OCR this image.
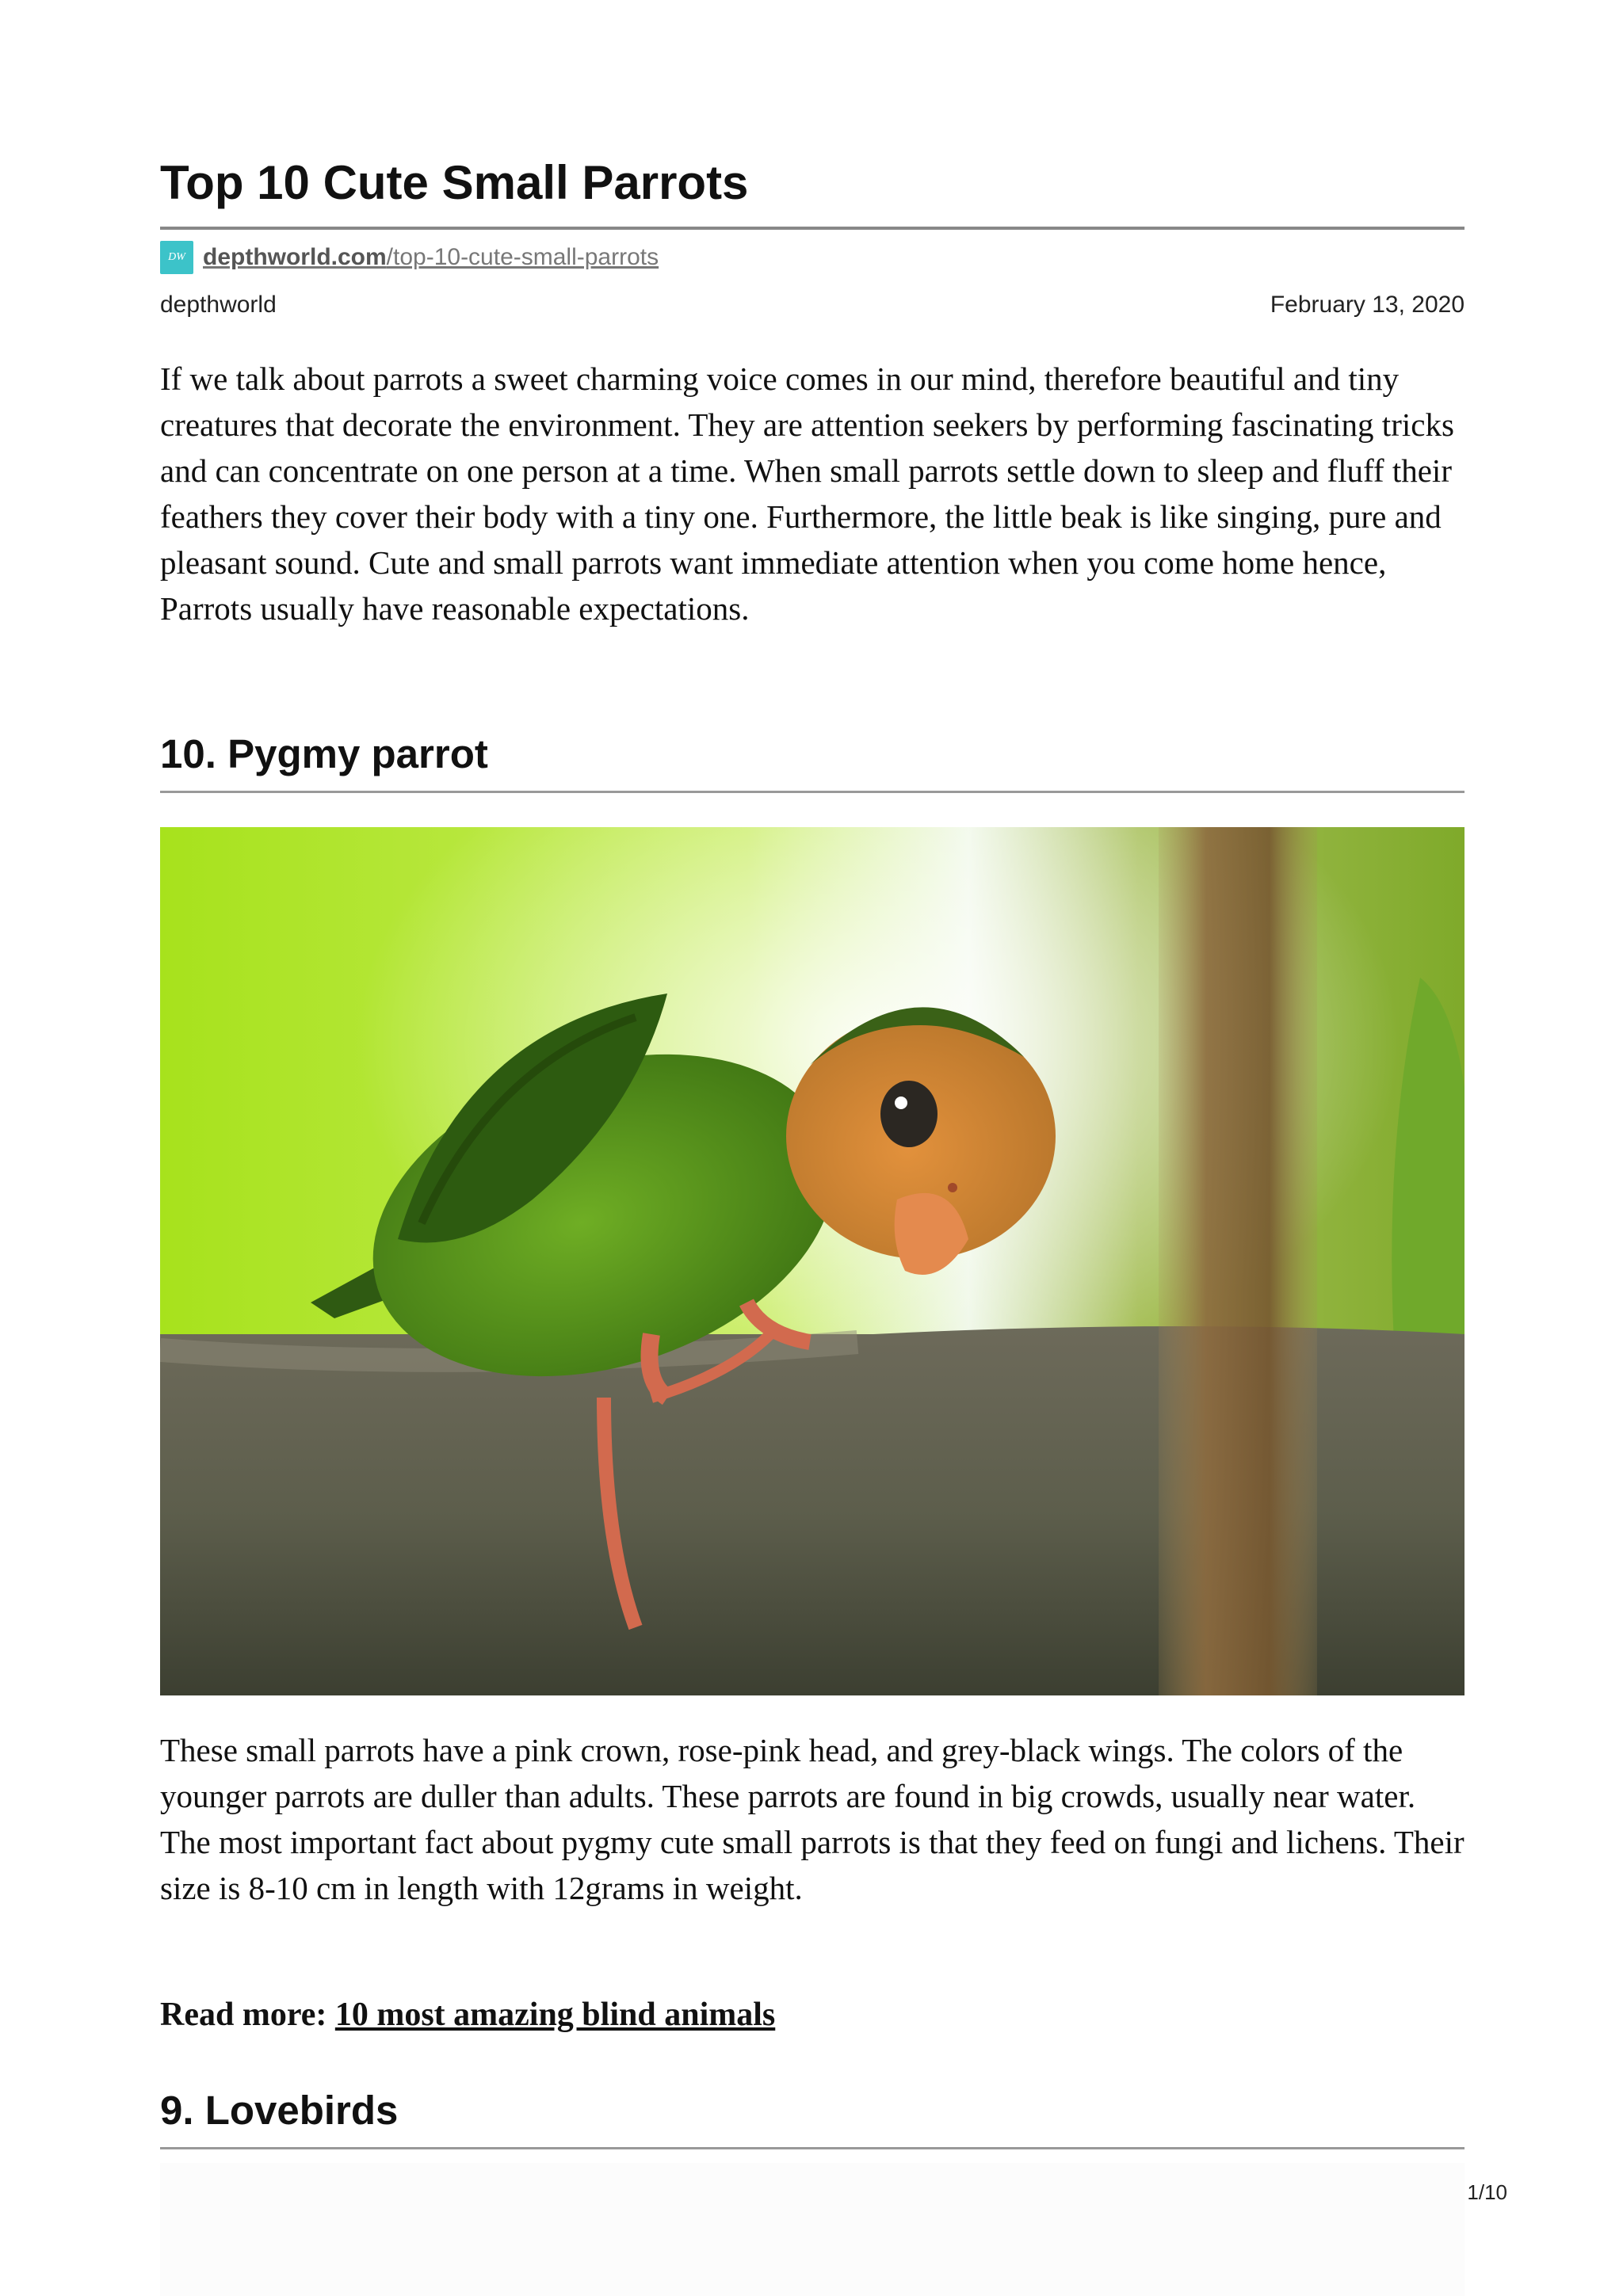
Top 10 Cute Small Parrots
DW depthworld.com/top-10-cute-small-parrots
depthworld	February 13, 2020

If we talk about parrots a sweet charming voice comes in our mind, therefore beautiful and tiny creatures that decorate the environment. They are attention seekers by performing fascinating tricks and can concentrate on one person at a time. When small parrots settle down to sleep and fluff their feathers they cover their body with a tiny one. Furthermore, the little beak is like singing, pure and pleasant sound. Cute and small parrots want immediate attention when you come home hence, Parrots usually have reasonable expectations.

10. Pygmy parrot

These small parrots have a pink crown, rose-pink head, and grey-black wings. The colors of the younger parrots are duller than adults. These parrots are found in big crowds, usually near water. The most important fact about pygmy cute small parrots is that they feed on fungi and lichens. Their size is 8-10 cm in length with 12grams in weight.

Read more: 10 most amazing blind animals
9. Lovebirds
1/10
